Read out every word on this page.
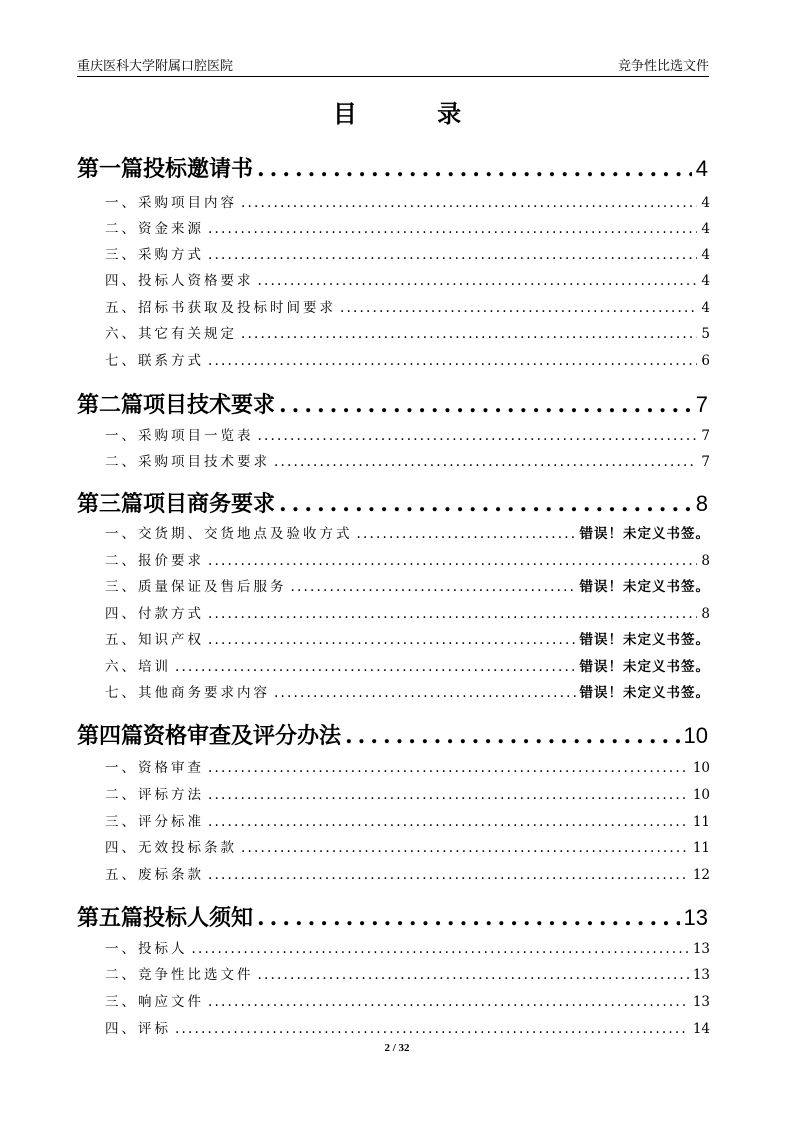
重庆医科大学附属口腔医院	竞争性比选文件
目 录
第一篇投标邀请书 .....	4
一、采购项目内容 .....	4
二、资金来源 .....	4
三、采购方式 .....	4
四、投标人资格要求 .....	4
五、招标书获取及投标时间要求 .....	4
六、其它有关规定 .....	5
七、联系方式 .....	6
第二篇项目技术要求 .....	7
一、采购项目一览表 .....	7
二、采购项目技术要求 .....	7
第三篇项目商务要求 .....	8
一、交货期、交货地点及验收方式 .....	错误！未定义书签。
二、报价要求 .....	8
三、质量保证及售后服务 .....	错误！未定义书签。
四、付款方式 .....	8
五、知识产权 .....	错误！未定义书签。
六、培训 .....	错误！未定义书签。
七、其他商务要求内容 .....	错误！未定义书签。
第四篇资格审查及评分办法 .....	10
一、资格审查 .....	10
二、评标方法 .....	10
三、评分标准 .....	11
四、无效投标条款 .....	11
五、废标条款 .....	12
第五篇投标人须知 .....	13
一、投标人 .....	13
二、竞争性比选文件 .....	13
三、响应文件 .....	13
四、评标 .....	14
2 / 32
